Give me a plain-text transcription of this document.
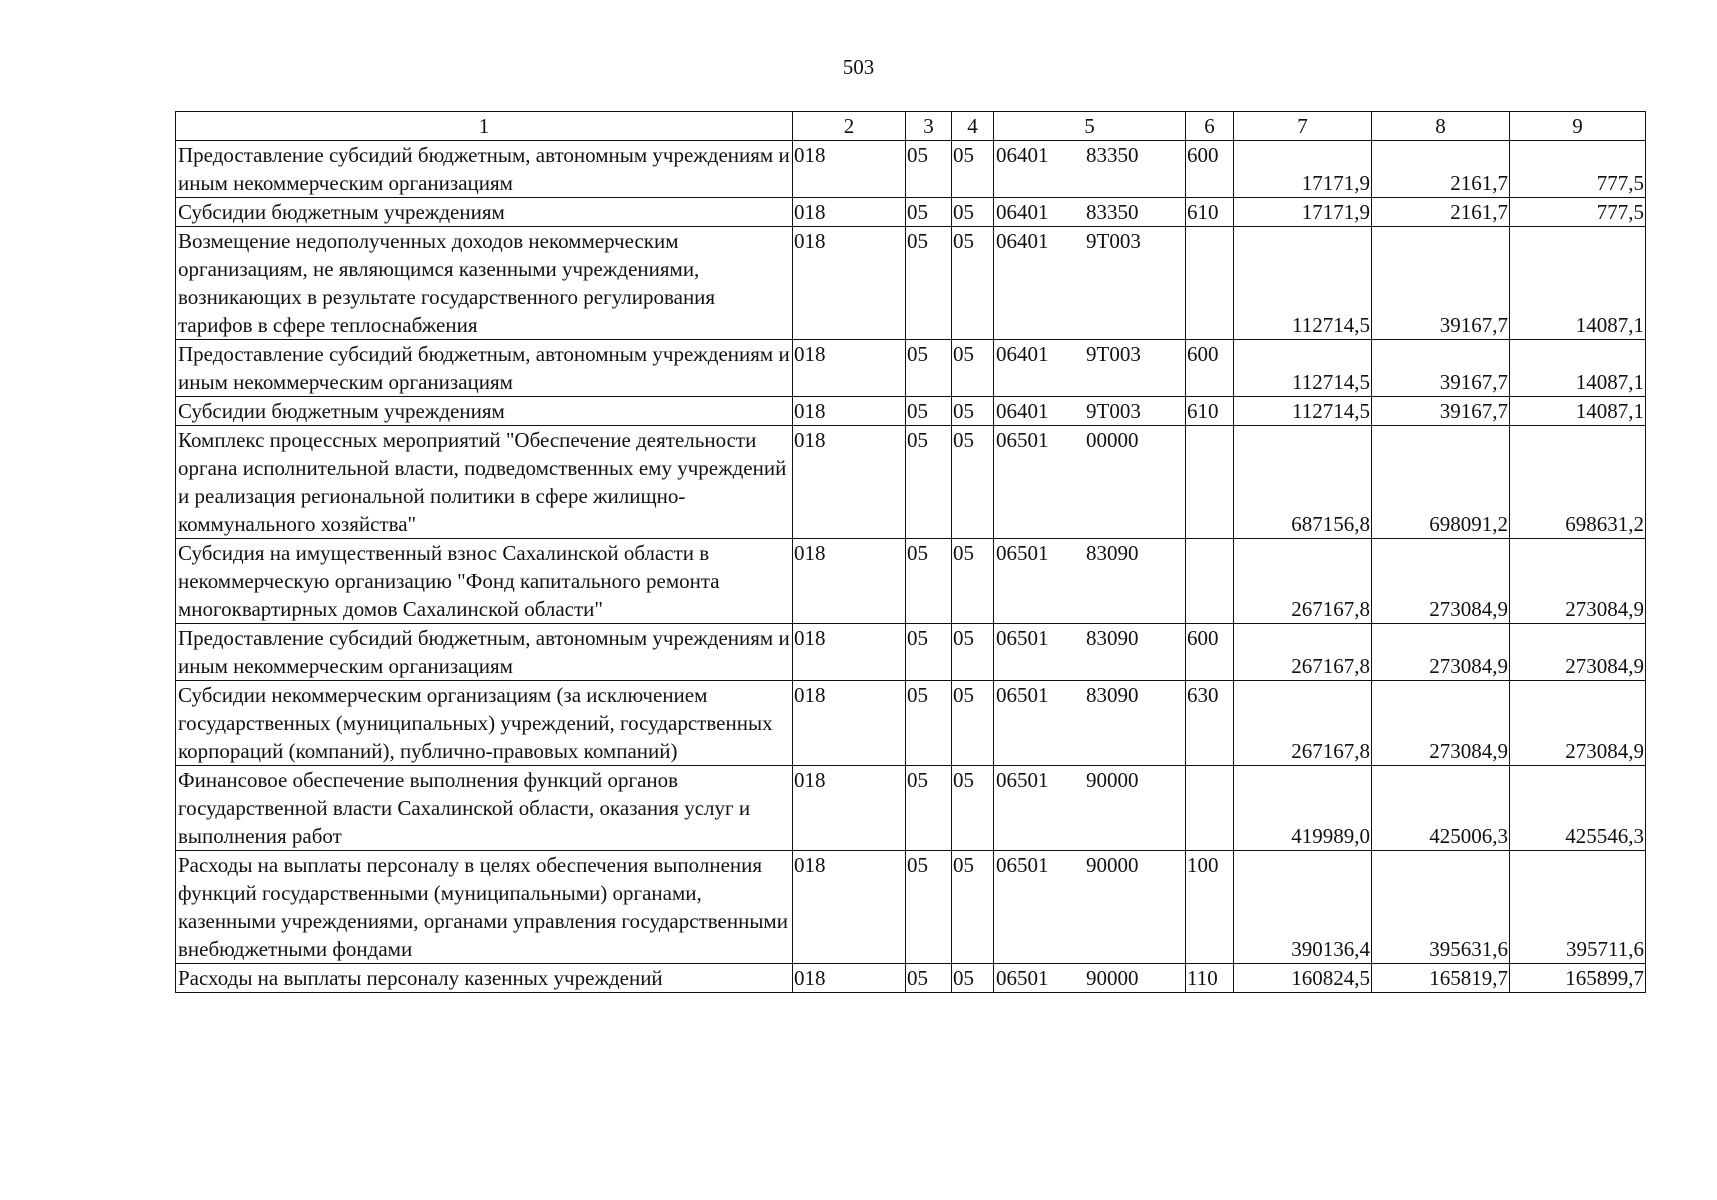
503
1	2	3	4	5	6	7	8	9
Предоставление субсидий бюджетным, автономным учреждениям и иным некоммерческим организациям	018	05	05	06401 83350	600	17171,9	2161,7	777,5
Субсидии бюджетным учреждениям	018	05	05	06401 83350	610	17171,9	2161,7	777,5
Возмещение недополученных доходов некоммерческим организациям, не являющимся казенными учреждениями, возникающих в результате государственного регулирования тарифов в сфере теплоснабжения	018	05	05	06401 9Т003		112714,5	39167,7	14087,1
Предоставление субсидий бюджетным, автономным учреждениям и иным некоммерческим организациям	018	05	05	06401 9Т003	600	112714,5	39167,7	14087,1
Субсидии бюджетным учреждениям	018	05	05	06401 9Т003	610	112714,5	39167,7	14087,1
Комплекс процессных мероприятий "Обеспечение деятельности органа исполнительной власти, подведомственных ему учреждений и реализация региональной политики в сфере жилищно-коммунального хозяйства"	018	05	05	06501 00000		687156,8	698091,2	698631,2
Субсидия на имущественный взнос Сахалинской области в некоммерческую организацию "Фонд капитального ремонта многоквартирных домов Сахалинской области"	018	05	05	06501 83090		267167,8	273084,9	273084,9
Предоставление субсидий бюджетным, автономным учреждениям и иным некоммерческим организациям	018	05	05	06501 83090	600	267167,8	273084,9	273084,9
Субсидии некоммерческим организациям (за исключением государственных (муниципальных) учреждений, государственных корпораций (компаний), публично-правовых компаний)	018	05	05	06501 83090	630	267167,8	273084,9	273084,9
Финансовое обеспечение выполнения функций органов государственной власти Сахалинской области, оказания услуг и выполнения работ	018	05	05	06501 90000		419989,0	425006,3	425546,3
Расходы на выплаты персоналу в целях обеспечения выполнения функций государственными (муниципальными) органами, казенными учреждениями, органами управления государственными внебюджетными фондами	018	05	05	06501 90000	100	390136,4	395631,6	395711,6
Расходы на выплаты персоналу казенных учреждений	018	05	05	06501 90000	110	160824,5	165819,7	165899,7
